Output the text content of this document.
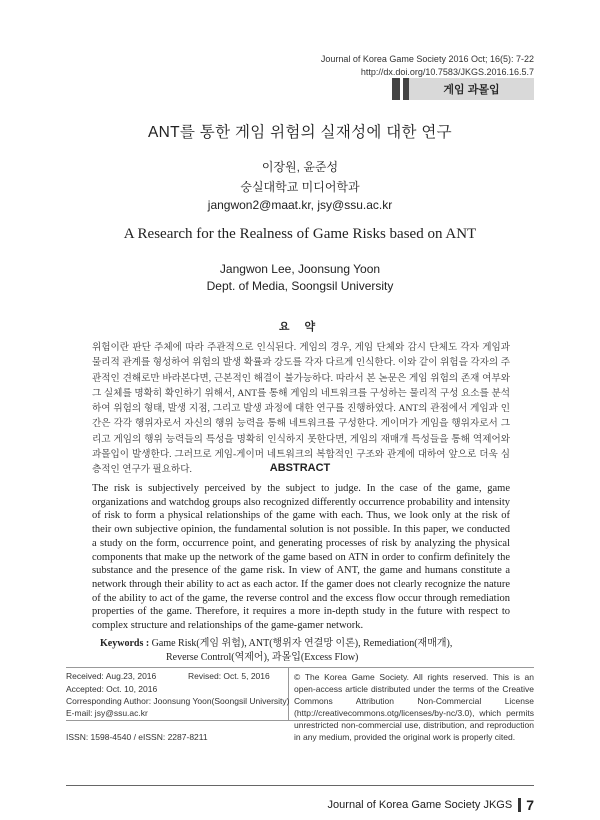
Journal of Korea Game Society 2016 Oct; 16(5): 7-22
http://dx.doi.org/10.7583/JKGS.2016.16.5.7
게임 과몰입
ANT를 통한 게임 위험의 실재성에 대한 연구
이장원, 윤준성
숭실대학교 미디어학과
jangwon2@maat.kr, jsy@ssu.ac.kr
A Research for the Realness of Game Risks based on ANT
Jangwon Lee, Joonsung Yoon
Dept. of Media, Soongsil University
요 약
위험이란 판단 주체에 따라 주관적으로 인식된다. 게임의 경우, 게임 단체와 감시 단체도 각자 게임과 물리적 관계를 형성하여 위험의 발생 확률과 강도를 각자 다르게 인식한다. 이와 같이 위험을 각자의 주관적인 견해로만 바라본다면, 근본적인 해결이 불가능하다. 따라서 본 논문은 게임 위험의 존재 여부와 그 실체를 명확히 확인하기 위해서, ANT를 통해 게임의 네트워크를 구성하는 물리적 구성 요소를 분석하여 위험의 형태, 발생 지점, 그리고 발생 과정에 대한 연구를 진행하였다. ANT의 관점에서 게임과 인간은 각각 행위자로서 자신의 행위 능력을 통해 네트워크를 구성한다. 게이머가 게임을 행위자로서 그리고 게임의 행위 능력들의 특성을 명확히 인식하지 못한다면, 게임의 재매개 특성들을 통해 역제어와 과몰입이 발생한다. 그러므로 게임-게이머 네트워크의 복합적인 구조와 관계에 대하여 앞으로 더욱 심층적인 연구가 필요하다.	ABSTRACT
The risk is subjectively perceived by the subject to judge. In the case of the game, game organizations and watchdog groups also recognized differently occurrence probability and intensity of risk to form a physical relationships of the game with each. Thus, we look only at the risk of their own subjective opinion, the fundamental solution is not possible. In this paper, we conducted a study on the form, occurrence point, and generating processes of risk by analyzing the physical components that make up the network of the game based on ATN in order to confirm definitely the substance and the presence of the game risk. In view of ANT, the game and humans constitute a network through their ability to act as each actor. If the gamer does not clearly recognize the nature of the ability to act of the game, the reverse control and the excess flow occur through remediation properties of the game. Therefore, it requires a more in-depth study in the future with respect to complex structure and relationships of the game-gamer network.
Keywords : Game Risk(게임 위험), ANT(행위자 연결망 이론), Remediation(재매개),
Reverse Control(역제어), 과몰입(Excess Flow)
Received: Aug.23, 2016	Revised: Oct. 5, 2016
Accepted: Oct. 10, 2016
Corresponding Author: Joonsung Yoon(Soongsil University)
E-mail: jsy@ssu.ac.kr
ISSN: 1598-4540 / eISSN: 2287-8211
© The Korea Game Society. All rights reserved. This is an open-access article distributed under the terms of the Creative Commons Attribution Non-Commercial License (http://creativecommons.otg/licenses/by-nc/3.0), which permits unrestricted non-commercial use, distribution, and reproduction in any medium, provided the original work is properly cited.
Journal of Korea Game Society JKGS 7
